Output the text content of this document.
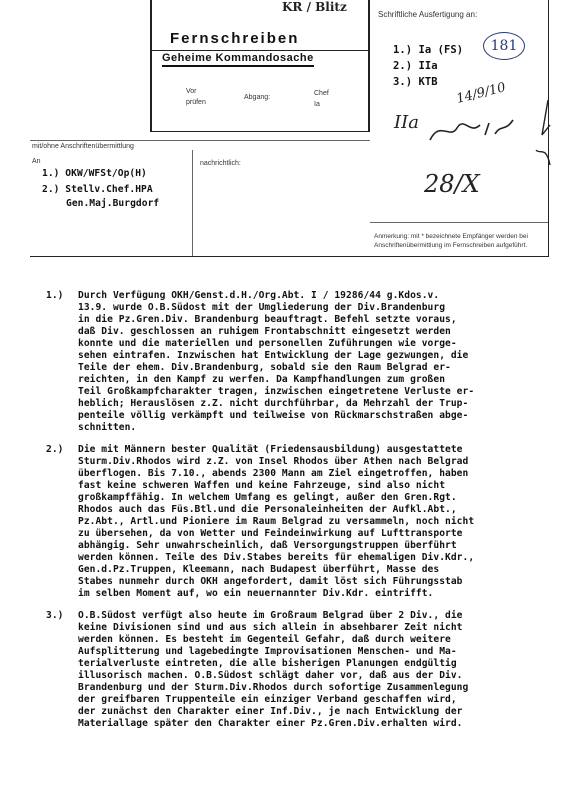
KR / Blitz
Fernschreiben
Geheime Kommandosache
Vor
prüfen
Abgang:
Chef
Ia
Schriftliche Ausfertigung an:
1.) Ia (FS)
2.) IIa
3.) KTB
181
14/9/10
IIa
28/X
mit/ohne Anschriftenübermittlung
An
1.) OKW/WFSt/Op(H)
2.) Stellv.Chef.HPA
Gen.Maj.Burgdorf
nachrichtlich:
Anmerkung: mit * bezeichnete Empfänger werden bei
Anschriftenübermittlung im Fernschreiben aufgeführt.
1.) Durch Verfügung OKH/Genst.d.H./Org.Abt. I / 19286/44 g.Kdos.v.
13.9. wurde O.B.Südost mit der Umgliederung der Div.Brandenburg
in die Pz.Gren.Div. Brandenburg beauftragt. Befehl setzte voraus,
daß Div. geschlossen an ruhigem Frontabschnitt eingesetzt werden
konnte und die materiellen und personellen Zuführungen wie vorge-
sehen eintrafen. Inzwischen hat Entwicklung der Lage gezwungen, die
Teile der ehem. Div.Brandenburg, sobald sie den Raum Belgrad er-
reichten, in den Kampf zu werfen. Da Kampfhandlungen zum großen
Teil Großkampfcharakter tragen, inzwischen eingetretene Verluste er-
heblich; Herauslösen z.Z. nicht durchführbar, da Mehrzahl der Trup-
penteile völlig verkämpft und teilweise von Rückmarschstraßen abge-
schnitten.
2.) Die mit Männern bester Qualität (Friedensausbildung) ausgestattete
Sturm.Div.Rhodos wird z.Z. von Insel Rhodos über Athen nach Belgrad
überflogen. Bis 7.10., abends 2300 Mann am Ziel eingetroffen, haben
fast keine schweren Waffen und keine Fahrzeuge, sind also nicht
großkampffähig. In welchem Umfang es gelingt, außer den Gren.Rgt.
Rhodos auch das Füs.Btl.und die Personaleinheiten der Aufkl.Abt.,
Pz.Abt., Artl.und Pioniere im Raum Belgrad zu versammeln, noch nicht
zu übersehen, da von Wetter und Feindeinwirkung auf Lufttransporte
abhängig. Sehr unwahrscheinlich, daß Versorgungstruppen überführt
werden können. Teile des Div.Stabes bereits für ehemaligen Div.Kdr.,
Gen.d.Pz.Truppen, Kleemann, nach Budapest überführt, Masse des
Stabes nunmehr durch OKH angefordert, damit löst sich Führungsstab
im selben Moment auf, wo ein neuernannter Div.Kdr. eintrifft.
3.) O.B.Südost verfügt also heute im Großraum Belgrad über 2 Div., die
keine Divisionen sind und aus sich allein in absehbarer Zeit nicht
werden können. Es besteht im Gegenteil Gefahr, daß durch weitere
Aufsplitterung und lagebedingte Improvisationen Menschen- und Ma-
terialverluste eintreten, die alle bisherigen Planungen endgültig
illusorisch machen. O.B.Südost schlägt daher vor, daß aus der Div.
Brandenburg und der Sturm.Div.Rhodos durch sofortige Zusammenlegung
der greifbaren Truppenteile ein einziger Verband geschaffen wird,
der zunächst den Charakter einer Inf.Div., je nach Entwicklung der
Materiallage später den Charakter einer Pz.Gren.Div.erhalten wird.
